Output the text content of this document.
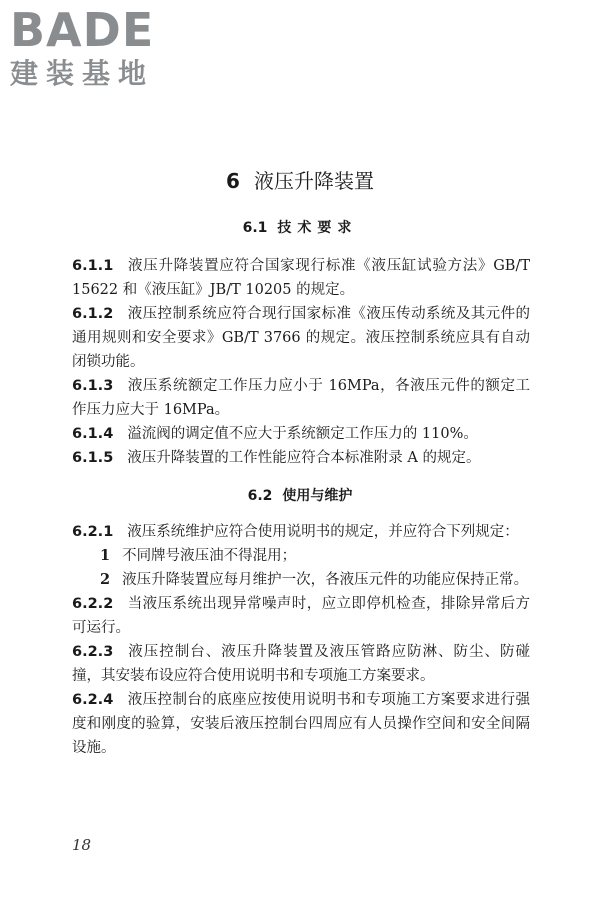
BADE
建装基地
6 液压升降装置
6.1 技术要求

6.1.1 液压升降装置应符合国家现行标准《液压缸试验方法》GB/T 15622 和《液压缸》JB/T 10205 的规定。

6.1.2 液压控制系统应符合现行国家标准《液压传动系统及其元件的通用规则和安全要求》GB/T 3766 的规定。液压控制系统应具有自动闭锁功能。

6.1.3 液压系统额定工作压力应小于 16MPa，各液压元件的额定工作压力应大于 16MPa。

6.1.4 溢流阀的调定值不应大于系统额定工作压力的 110%。

6.1.5 液压升降装置的工作性能应符合本标准附录 A 的规定。

6.2 使用与维护

6.2.1 液压系统维护应符合使用说明书的规定，并应符合下列规定：

1 不同牌号液压油不得混用；

2 液压升降装置应每月维护一次，各液压元件的功能应保持正常。

6.2.2 当液压系统出现异常噪声时，应立即停机检查，排除异常后方可运行。

6.2.3 液压控制台、液压升降装置及液压管路应防淋、防尘、防碰撞，其安装布设应符合使用说明书和专项施工方案要求。

6.2.4 液压控制台的底座应按使用说明书和专项施工方案要求进行强度和刚度的验算，安装后液压控制台四周应有人员操作空间和安全间隔设施。

18
